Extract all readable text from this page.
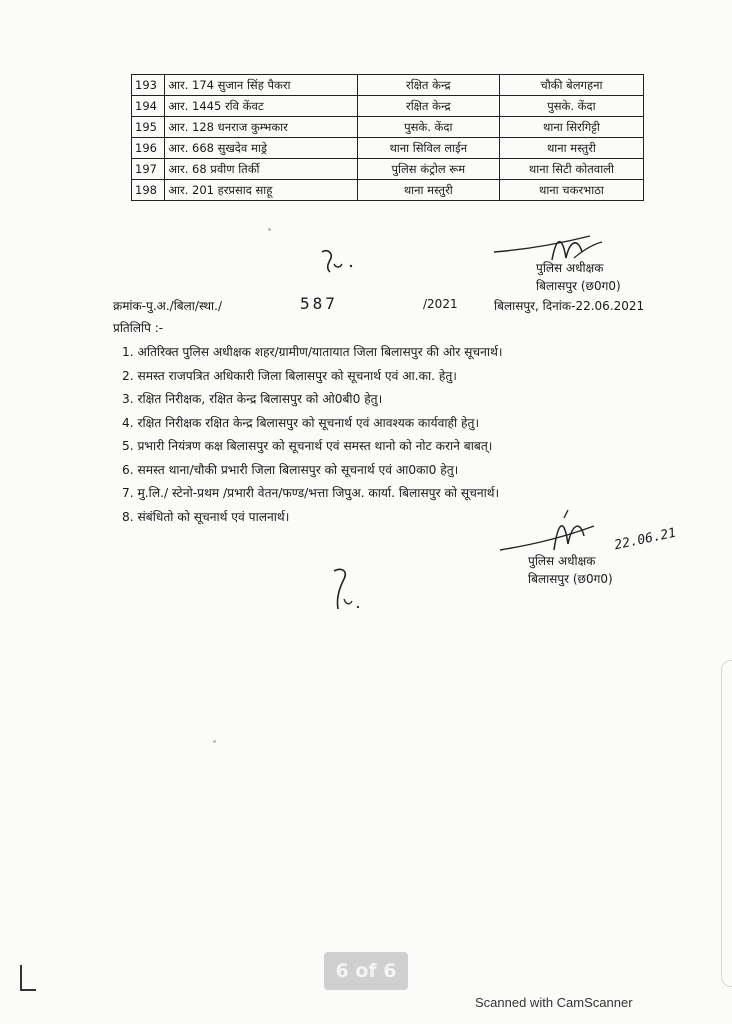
193	आर. 174 सुजान सिंह पैकरा	रक्षित केन्द्र	चौकी बेलगहना
194	आर. 1445 रवि केंवट	रक्षित केन्द्र	पुसके. केंदा
195	आर. 128 धनराज कुम्भकार	पुसके. केंदा	थाना सिरगिट्टी
196	आर. 668 सुखदेव माड्रे	थाना सिविल लाईन	थाना मस्तुरी
197	आर. 68 प्रवीण तिर्की	पुलिस कंट्रोल रूम	थाना सिटी कोतवाली
198	आर. 201 हरप्रसाद साहू	थाना मस्तुरी	थाना चकरभाठा
पुलिस अधीक्षक
बिलासपुर (छ0ग0)
क्रमांक-पु.अ./बिला/स्था./	587	/2021	बिलासपुर, दिनांक-22.06.2021
प्रतिलिपि :-
1. अतिरिक्त पुलिस अधीक्षक शहर/ग्रामीण/यातायात जिला बिलासपुर की ओर सूचनार्थ।
2. समस्त राजपत्रित अधिकारी जिला बिलासपुर को सूचनार्थ एवं आ.का. हेतु।
3. रक्षित निरीक्षक, रक्षित केन्द्र बिलासपुर को ओ0बी0 हेतु।
4. रक्षित निरीक्षक रक्षित केन्द्र बिलासपुर को सूचनार्थ एवं आवश्यक कार्यवाही हेतु।
5. प्रभारी नियंत्रण कक्ष बिलासपुर को सूचनार्थ एवं समस्त थानो को नोट कराने बाबत्।
6. समस्त थाना/चौकी प्रभारी जिला बिलासपुर को सूचनार्थ एवं आ0का0 हेतु।
7. मु.लि./ स्टेनो-प्रथम /प्रभारी वेतन/फण्ड/भत्ता जिपुअ. कार्या. बिलासपुर को सूचनार्थ।
8. संबंधितो को सूचनार्थ एवं पालनार्थ।
पुलिस अधीक्षक
बिलासपुर (छ0ग0)
22.06.21
6 of 6
Scanned with CamScanner
